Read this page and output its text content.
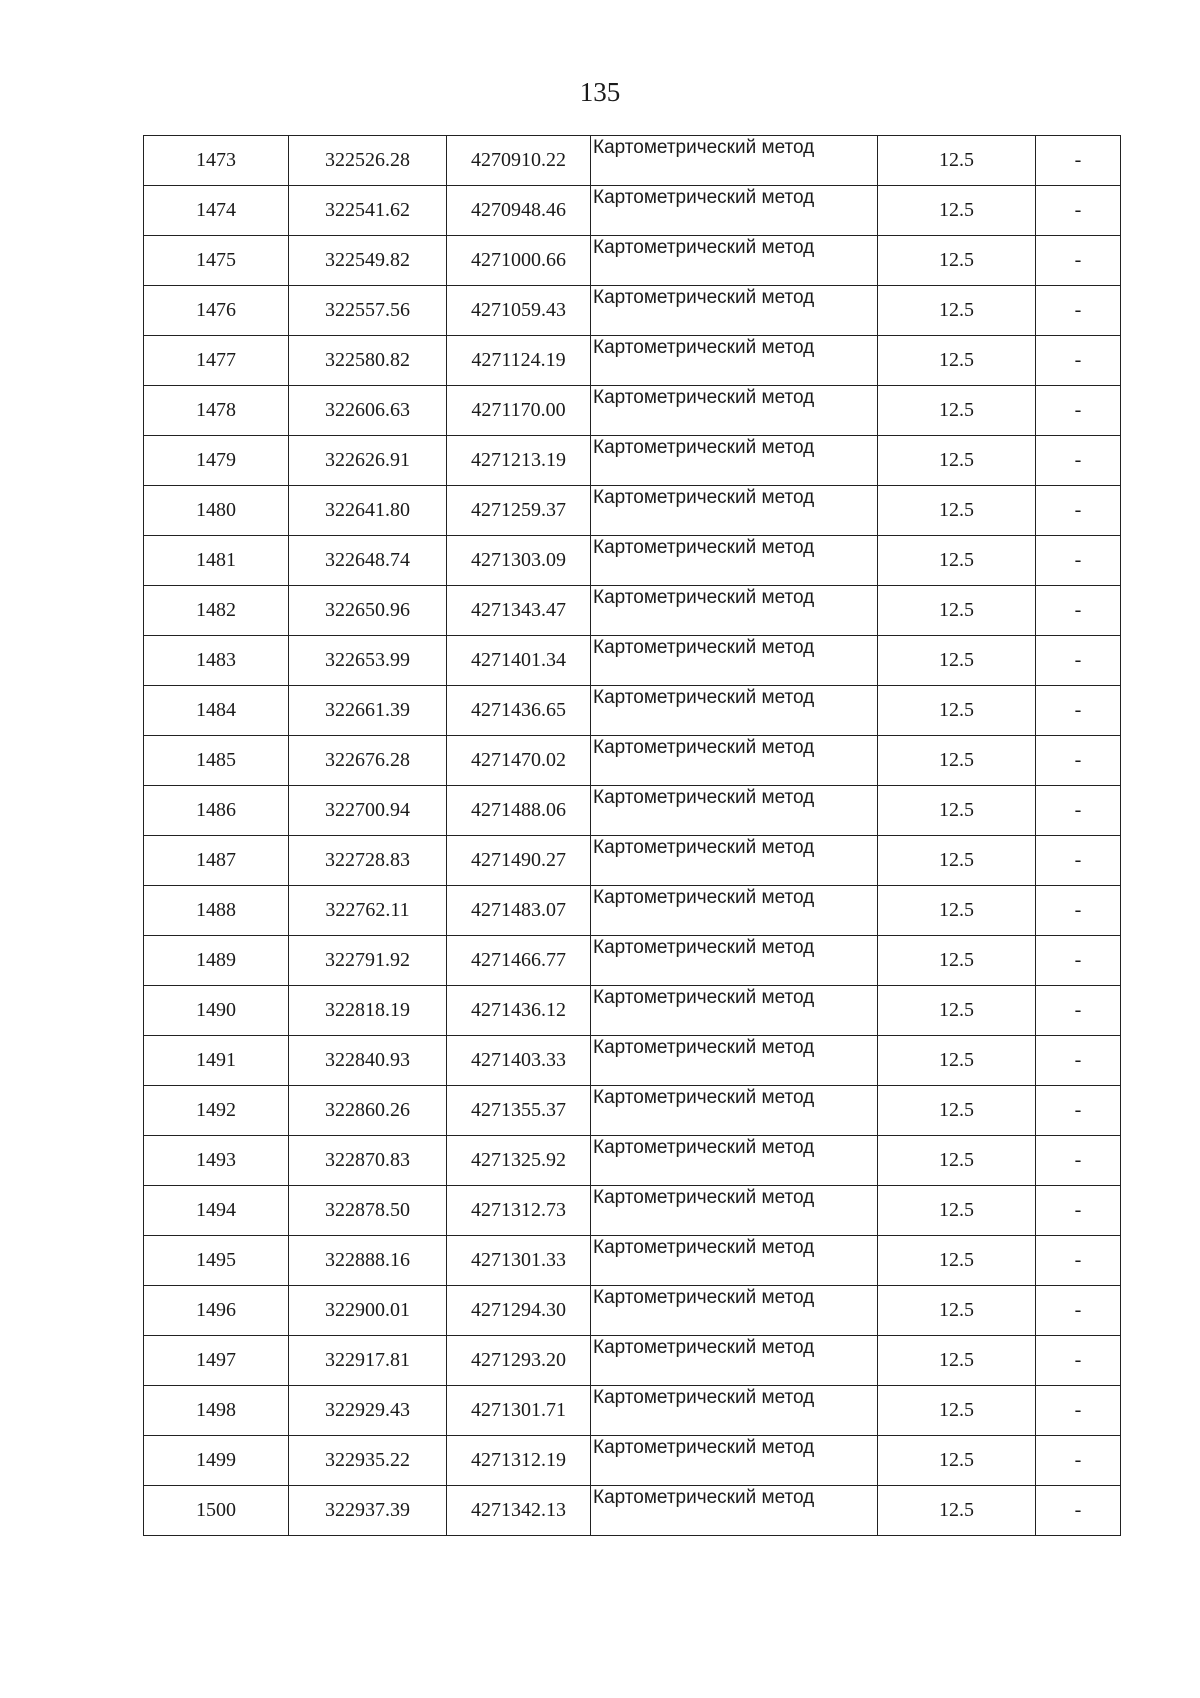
135
1473	322526.28	4270910.22	Картометрический метод	12.5	-
1474	322541.62	4270948.46	Картометрический метод	12.5	-
1475	322549.82	4271000.66	Картометрический метод	12.5	-
1476	322557.56	4271059.43	Картометрический метод	12.5	-
1477	322580.82	4271124.19	Картометрический метод	12.5	-
1478	322606.63	4271170.00	Картометрический метод	12.5	-
1479	322626.91	4271213.19	Картометрический метод	12.5	-
1480	322641.80	4271259.37	Картометрический метод	12.5	-
1481	322648.74	4271303.09	Картометрический метод	12.5	-
1482	322650.96	4271343.47	Картометрический метод	12.5	-
1483	322653.99	4271401.34	Картометрический метод	12.5	-
1484	322661.39	4271436.65	Картометрический метод	12.5	-
1485	322676.28	4271470.02	Картометрический метод	12.5	-
1486	322700.94	4271488.06	Картометрический метод	12.5	-
1487	322728.83	4271490.27	Картометрический метод	12.5	-
1488	322762.11	4271483.07	Картометрический метод	12.5	-
1489	322791.92	4271466.77	Картометрический метод	12.5	-
1490	322818.19	4271436.12	Картометрический метод	12.5	-
1491	322840.93	4271403.33	Картометрический метод	12.5	-
1492	322860.26	4271355.37	Картометрический метод	12.5	-
1493	322870.83	4271325.92	Картометрический метод	12.5	-
1494	322878.50	4271312.73	Картометрический метод	12.5	-
1495	322888.16	4271301.33	Картометрический метод	12.5	-
1496	322900.01	4271294.30	Картометрический метод	12.5	-
1497	322917.81	4271293.20	Картометрический метод	12.5	-
1498	322929.43	4271301.71	Картометрический метод	12.5	-
1499	322935.22	4271312.19	Картометрический метод	12.5	-
1500	322937.39	4271342.13	Картометрический метод	12.5	-
